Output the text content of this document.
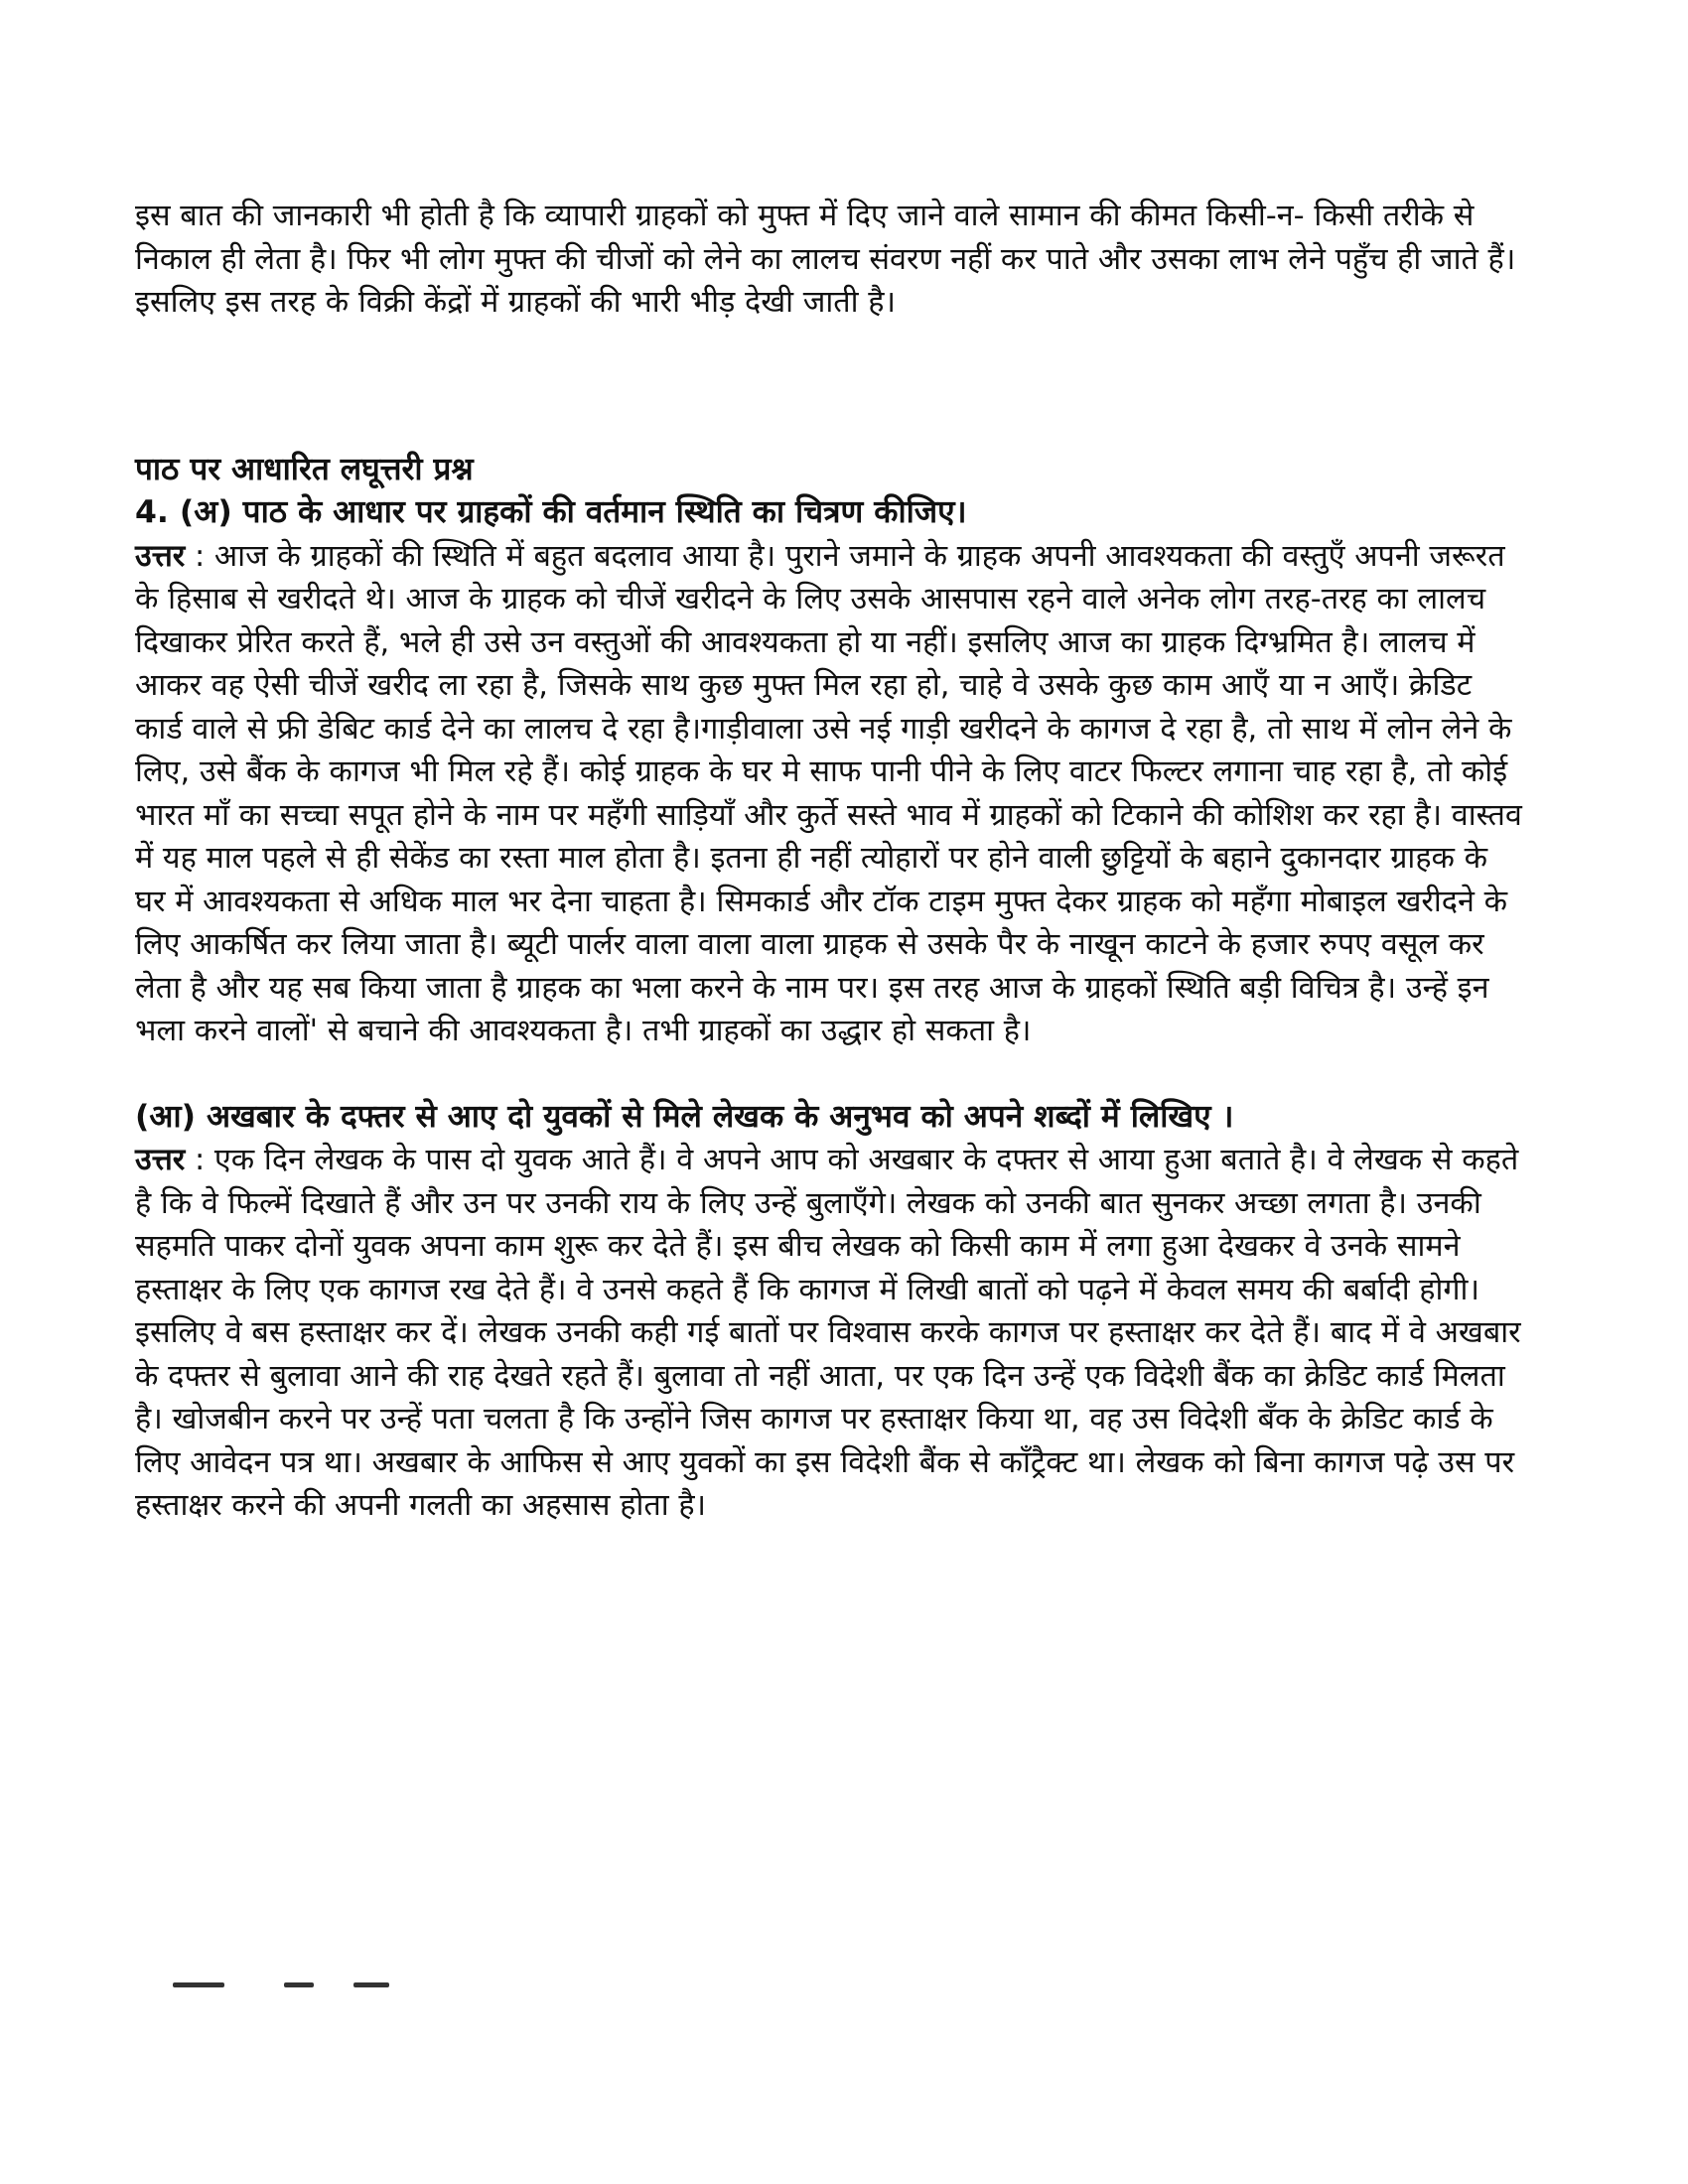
इस बात की जानकारी भी होती है कि व्यापारी ग्राहकों को मुफ्त में दिए जाने वाले सामान की कीमत किसी-न- किसी तरीके से निकाल ही लेता है। फिर भी लोग मुफ्त की चीजों को लेने का लालच संवरण नहीं कर पाते और उसका लाभ लेने पहुँच ही जाते हैं। इसलिए इस तरह के विक्री केंद्रों में ग्राहकों की भारी भीड़ देखी जाती है।

पाठ पर आधारित लघूत्तरी प्रश्न
4. (अ) पाठ के आधार पर ग्राहकों की वर्तमान स्थिति का चित्रण कीजिए।

उत्तर : आज के ग्राहकों की स्थिति में बहुत बदलाव आया है। पुराने जमाने के ग्राहक अपनी आवश्यकता की वस्तुएँ अपनी जरूरत के हिसाब से खरीदते थे। आज के ग्राहक को चीजें खरीदने के लिए उसके आसपास रहने वाले अनेक लोग तरह-तरह का लालच दिखाकर प्रेरित करते हैं, भले ही उसे उन वस्तुओं की आवश्यकता हो या नहीं। इसलिए आज का ग्राहक दिग्भ्रमित है। लालच में आकर वह ऐसी चीजें खरीद ला रहा है, जिसके साथ कुछ मुफ्त मिल रहा हो, चाहे वे उसके कुछ काम आएँ या न आएँ। क्रेडिट कार्ड वाले से फ्री डेबिट कार्ड देने का लालच दे रहा है।गाड़ीवाला उसे नई गाड़ी खरीदने के कागज दे रहा है, तो साथ में लोन लेने के लिए, उसे बैंक के कागज भी मिल रहे हैं। कोई ग्राहक के घर मे साफ पानी पीने के लिए वाटर फिल्टर लगाना चाह रहा है, तो कोई भारत माँ का सच्चा सपूत होने के नाम पर महँगी साड़ियाँ और कुर्ते सस्ते भाव में ग्राहकों को टिकाने की कोशिश कर रहा है। वास्तव में यह माल पहले से ही सेकेंड का रस्ता माल होता है। इतना ही नहीं त्योहारों पर होने वाली छुट्टियों के बहाने दुकानदार ग्राहक के घर में आवश्यकता से अधिक माल भर देना चाहता है। सिमकार्ड और टॉक टाइम मुफ्त देकर ग्राहक को महँगा मोबाइल खरीदने के लिए आकर्षित कर लिया जाता है। ब्यूटी पार्लर वाला वाला वाला ग्राहक से उसके पैर के नाखून काटने के हजार रुपए वसूल कर लेता है और यह सब किया जाता है ग्राहक का भला करने के नाम पर। इस तरह आज के ग्राहकों स्थिति बड़ी विचित्र है। उन्हें इन भला करने वालों' से बचाने की आवश्यकता है। तभी ग्राहकों का उद्धार हो सकता है।

(आ) अखबार के दफ्तर से आए दो युवकों से मिले लेखक के अनुभव को अपने शब्दों में लिखिए ।

उत्तर : एक दिन लेखक के पास दो युवक आते हैं। वे अपने आप को अखबार के दफ्तर से आया हुआ बताते है। वे लेखक से कहते है कि वे फिल्में दिखाते हैं और उन पर उनकी राय के लिए उन्हें बुलाएँगे। लेखक को उनकी बात सुनकर अच्छा लगता है। उनकी सहमति पाकर दोनों युवक अपना काम शुरू कर देते हैं। इस बीच लेखक को किसी काम में लगा हुआ देखकर वे उनके सामने हस्ताक्षर के लिए एक कागज रख देते हैं। वे उनसे कहते हैं कि कागज में लिखी बातों को पढ़ने में केवल समय की बर्बादी होगी। इसलिए वे बस हस्ताक्षर कर दें। लेखक उनकी कही गई बातों पर विश्वास करके कागज पर हस्ताक्षर कर देते हैं। बाद में वे अखबार के दफ्तर से बुलावा आने की राह देखते रहते हैं। बुलावा तो नहीं आता, पर एक दिन उन्हें एक विदेशी बैंक का क्रेडिट कार्ड मिलता है। खोजबीन करने पर उन्हें पता चलता है कि उन्होंने जिस कागज पर हस्ताक्षर किया था, वह उस विदेशी बँक के क्रेडिट कार्ड के लिए आवेदन पत्र था। अखबार के आफिस से आए युवकों का इस विदेशी बैंक से काँट्रैक्ट था। लेखक को बिना कागज पढ़े उस पर हस्ताक्षर करने की अपनी गलती का अहसास होता है।
